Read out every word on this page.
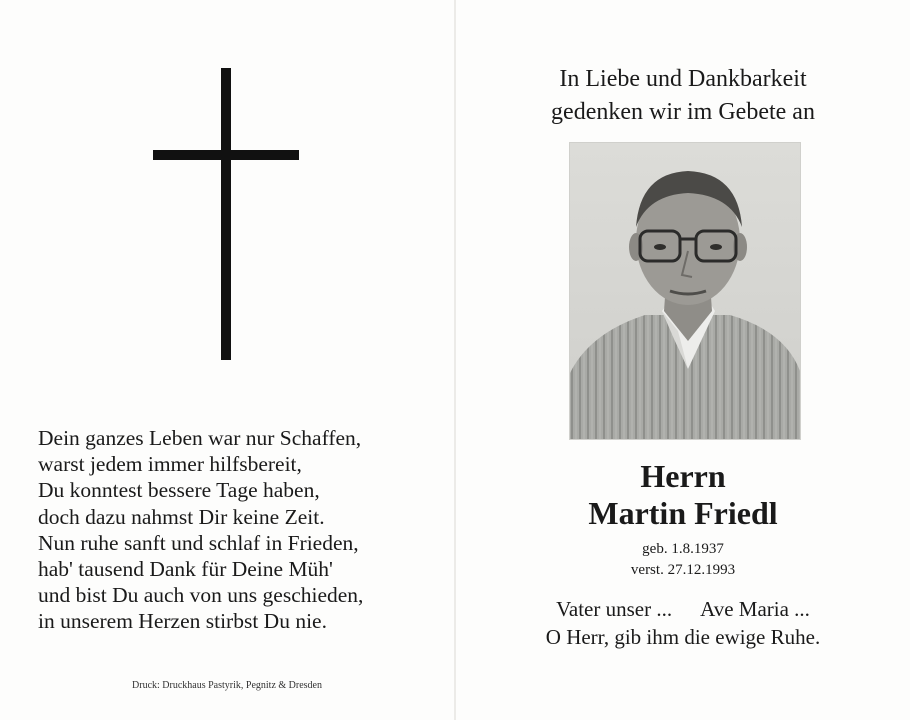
Dein ganzes Leben war nur Schaffen,
warst jedem immer hilfsbereit,
Du konntest bessere Tage haben,
doch dazu nahmst Dir keine Zeit.
Nun ruhe sanft und schlaf in Frieden,
hab' tausend Dank für Deine Müh'
und bist Du auch von uns geschieden,
in unserem Herzen stirbst Du nie.
Druck: Druckhaus Pastyrik, Pegnitz & Dresden
In Liebe und Dankbarkeit
gedenken wir im Gebete an
Herrn
Martin Friedl
geb. 1.8.1937
verst. 27.12.1993
Vater unser ... Ave Maria ...
O Herr, gib ihm die ewige Ruhe.
